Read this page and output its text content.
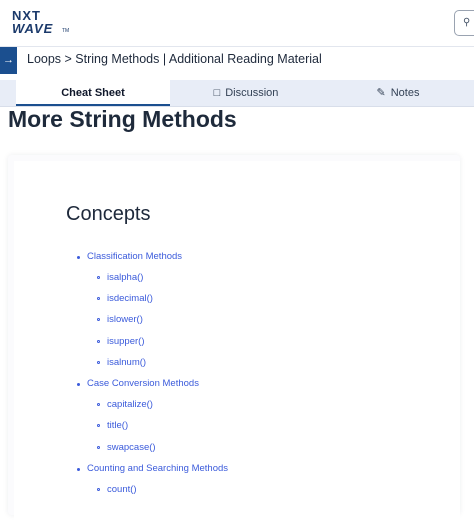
NXT
WAVE TM
⚲
→ Loops > String Methods | Additional Reading Material
Cheat Sheet	□ Discussion	✎ Notes
More String Methods
Concepts
Classification Methods
isalpha()
isdecimal()
islower()
isupper()
isalnum()
Case Conversion Methods
capitalize()
title()
swapcase()
Counting and Searching Methods
count()
